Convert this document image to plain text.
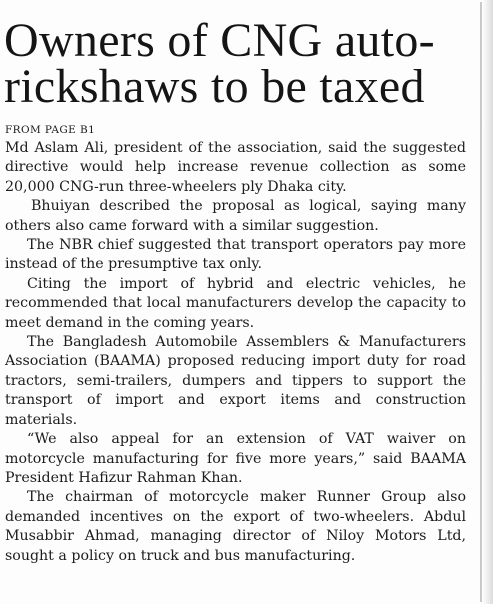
Owners of CNG auto-
rickshaws to be taxed
FROM PAGE B1

Md Aslam Ali, president of the association, said the suggested directive would help increase revenue collection as some 20,000 CNG-run three-wheelers ply Dhaka city.

Bhuiyan described the proposal as logical, saying many others also came forward with a similar suggestion.

The NBR chief suggested that transport operators pay more instead of the presumptive tax only.

Citing the import of hybrid and electric vehicles, he recommended that local manufacturers develop the capacity to meet demand in the coming years.

The Bangladesh Automobile Assemblers & Manufacturers Association (BAAMA) proposed reducing import duty for road tractors, semi-trailers, dumpers and tippers to support the transport of import and export items and construction materials.

“We also appeal for an extension of VAT waiver on motorcycle manufacturing for five more years,” said BAAMA President Hafizur Rahman Khan.

The chairman of motorcycle maker Runner Group also demanded incentives on the export of two-wheelers. Abdul Musabbir Ahmad, managing director of Niloy Motors Ltd, sought a policy on truck and bus manufacturing.
